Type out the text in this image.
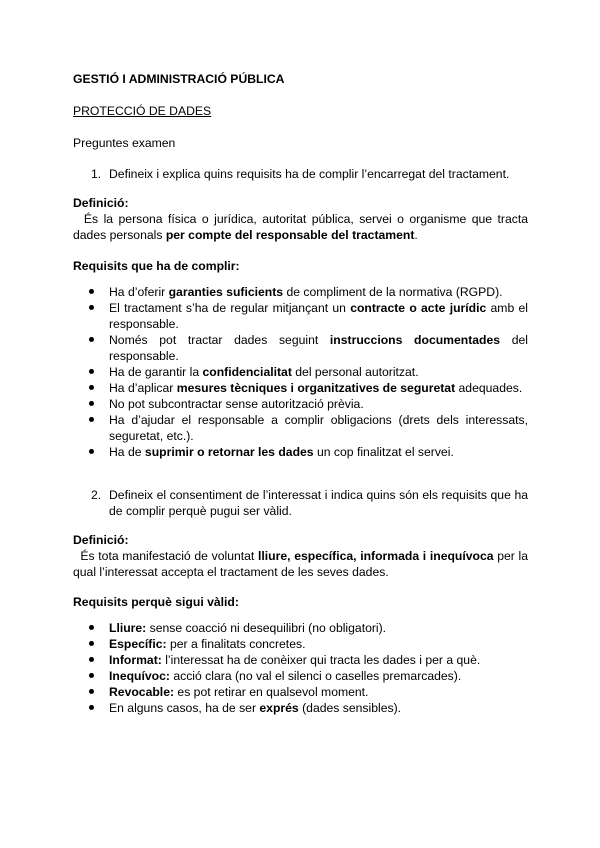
GESTIÓ I ADMINISTRACIÓ PÚBLICA
PROTECCIÓ DE DADES
Preguntes examen
1. Defineix i explica quins requisits ha de complir l’encarregat del tractament.
Definició:
És la persona física o jurídica, autoritat pública, servei o organisme que tracta dades personals per compte del responsable del tractament.
Requisits que ha de complir:
Ha d’oferir garanties suficients de compliment de la normativa (RGPD).
El tractament s’ha de regular mitjançant un contracte o acte jurídic amb el responsable.
Només pot tractar dades seguint instruccions documentades del responsable.
Ha de garantir la confidencialitat del personal autoritzat.
Ha d’aplicar mesures tècniques i organitzatives de seguretat adequades.
No pot subcontractar sense autorització prèvia.
Ha d’ajudar el responsable a complir obligacions (drets dels interessats, seguretat, etc.).
Ha de suprimir o retornar les dades un cop finalitzat el servei.
2. Defineix el consentiment de l’interessat i indica quins són els requisits que ha de complir perquè pugui ser vàlid.
Definició:
És tota manifestació de voluntat lliure, específica, informada i inequívoca per la qual l’interessat accepta el tractament de les seves dades.
Requisits perquè sigui vàlid:
Lliure: sense coacció ni desequilibri (no obligatori).
Específic: per a finalitats concretes.
Informat: l’interessat ha de conèixer qui tracta les dades i per a què.
Inequívoc: acció clara (no val el silenci o caselles premarcades).
Revocable: es pot retirar en qualsevol moment.
En alguns casos, ha de ser exprés (dades sensibles).
